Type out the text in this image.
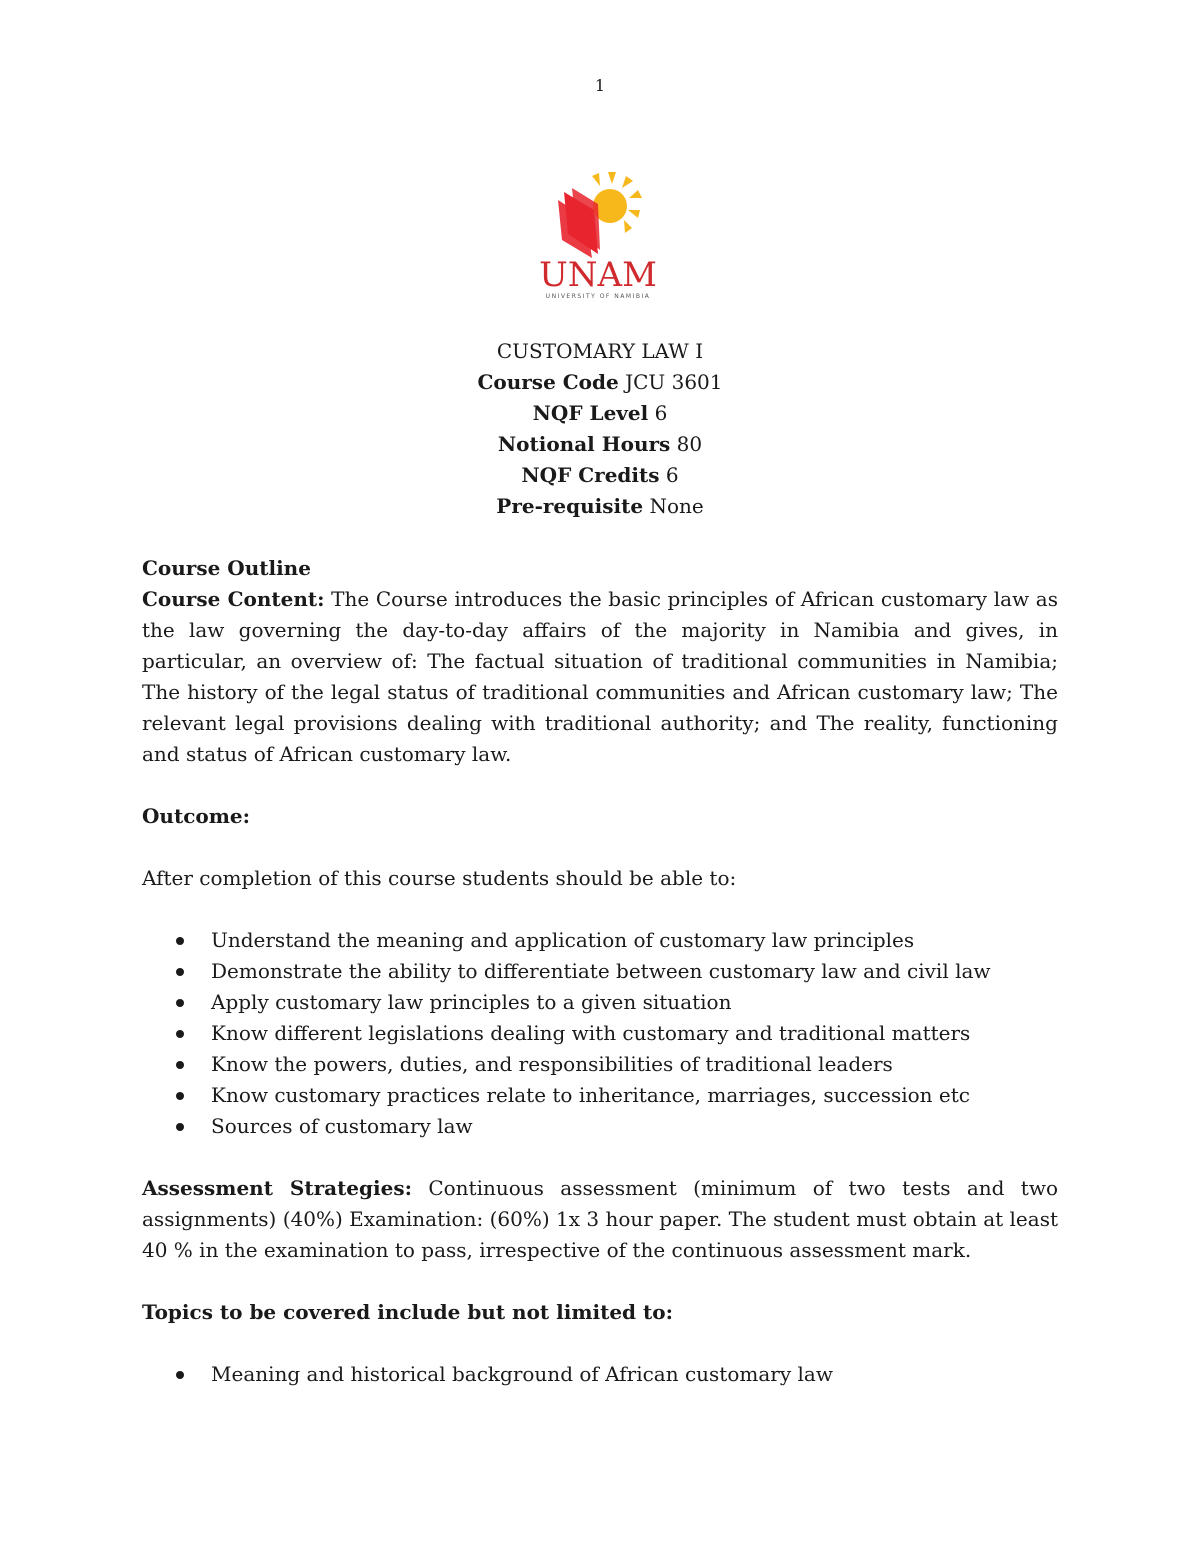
1
UNAM
UNIVERSITY OF NAMIBIA
CUSTOMARY LAW I
Course Code JCU 3601
NQF Level 6
Notional Hours 80
NQF Credits 6
Pre-requisite None

Course Outline

Course Content: The Course introduces the basic principles of African customary law as the law governing the day-to-day affairs of the majority in Namibia and gives, in particular, an overview of: The factual situation of traditional communities in Namibia; The history of the legal status of traditional communities and African customary law; The relevant legal provisions dealing with traditional authority; and The reality, functioning and status of African customary law.

Outcome:

After completion of this course students should be able to:

Understand the meaning and application of customary law principles
Demonstrate the ability to differentiate between customary law and civil law
Apply customary law principles to a given situation
Know different legislations dealing with customary and traditional matters
Know the powers, duties, and responsibilities of traditional leaders
Know customary practices relate to inheritance, marriages, succession etc
Sources of customary law

Assessment Strategies: Continuous assessment (minimum of two tests and two assignments) (40%) Examination: (60%) 1x 3 hour paper. The student must obtain at least 40 % in the examination to pass, irrespective of the continuous assessment mark.

Topics to be covered include but not limited to:

Meaning and historical background of African customary law
